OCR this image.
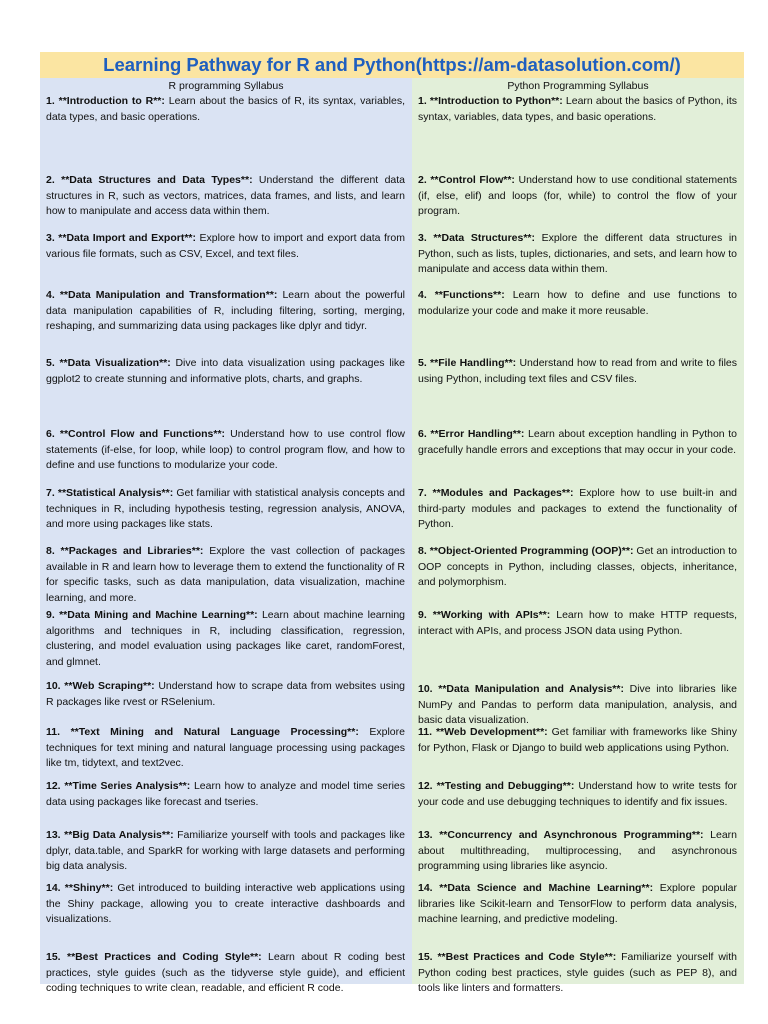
Learning Pathway for R and Python(https://am-datasolution.com/)
R programming Syllabus
1. **Introduction to R**: Learn about the basics of R, its syntax, variables, data types, and basic operations.
2. **Data Structures and Data Types**: Understand the different data structures in R, such as vectors, matrices, data frames, and lists, and learn how to manipulate and access data within them.
3. **Data Import and Export**: Explore how to import and export data from various file formats, such as CSV, Excel, and text files.
4. **Data Manipulation and Transformation**: Learn about the powerful data manipulation capabilities of R, including filtering, sorting, merging, reshaping, and summarizing data using packages like dplyr and tidyr.
5. **Data Visualization**: Dive into data visualization using packages like ggplot2 to create stunning and informative plots, charts, and graphs.
6. **Control Flow and Functions**: Understand how to use control flow statements (if-else, for loop, while loop) to control program flow, and how to define and use functions to modularize your code.
7. **Statistical Analysis**: Get familiar with statistical analysis concepts and techniques in R, including hypothesis testing, regression analysis, ANOVA, and more using packages like stats.
8. **Packages and Libraries**: Explore the vast collection of packages available in R and learn how to leverage them to extend the functionality of R for specific tasks, such as data manipulation, data visualization, machine learning, and more.
9. **Data Mining and Machine Learning**: Learn about machine learning algorithms and techniques in R, including classification, regression, clustering, and model evaluation using packages like caret, randomForest, and glmnet.
10. **Web Scraping**: Understand how to scrape data from websites using R packages like rvest or RSelenium.
11. **Text Mining and Natural Language Processing**: Explore techniques for text mining and natural language processing using packages like tm, tidytext, and text2vec.
12. **Time Series Analysis**: Learn how to analyze and model time series data using packages like forecast and tseries.
13. **Big Data Analysis**: Familiarize yourself with tools and packages like dplyr, data.table, and SparkR for working with large datasets and performing big data analysis.
14. **Shiny**: Get introduced to building interactive web applications using the Shiny package, allowing you to create interactive dashboards and visualizations.
15. **Best Practices and Coding Style**: Learn about R coding best practices, style guides (such as the tidyverse style guide), and efficient coding techniques to write clean, readable, and efficient R code.
Python Programming Syllabus
1. **Introduction to Python**: Learn about the basics of Python, its syntax, variables, data types, and basic operations.
2. **Control Flow**: Understand how to use conditional statements (if, else, elif) and loops (for, while) to control the flow of your program.
3. **Data Structures**: Explore the different data structures in Python, such as lists, tuples, dictionaries, and sets, and learn how to manipulate and access data within them.
4. **Functions**: Learn how to define and use functions to modularize your code and make it more reusable.
5. **File Handling**: Understand how to read from and write to files using Python, including text files and CSV files.
6. **Error Handling**: Learn about exception handling in Python to gracefully handle errors and exceptions that may occur in your code.
7. **Modules and Packages**: Explore how to use built-in and third-party modules and packages to extend the functionality of Python.
8. **Object-Oriented Programming (OOP)**: Get an introduction to OOP concepts in Python, including classes, objects, inheritance, and polymorphism.
9. **Working with APIs**: Learn how to make HTTP requests, interact with APIs, and process JSON data using Python.
10. **Data Manipulation and Analysis**: Dive into libraries like NumPy and Pandas to perform data manipulation, analysis, and basic data visualization.
11. **Web Development**: Get familiar with frameworks like Shiny for Python, Flask or Django to build web applications using Python.
12. **Testing and Debugging**: Understand how to write tests for your code and use debugging techniques to identify and fix issues.
13. **Concurrency and Asynchronous Programming**: Learn about multithreading, multiprocessing, and asynchronous programming using libraries like asyncio.
14. **Data Science and Machine Learning**: Explore popular libraries like Scikit-learn and TensorFlow to perform data analysis, machine learning, and predictive modeling.
15. **Best Practices and Code Style**: Familiarize yourself with Python coding best practices, style guides (such as PEP 8), and tools like linters and formatters.
